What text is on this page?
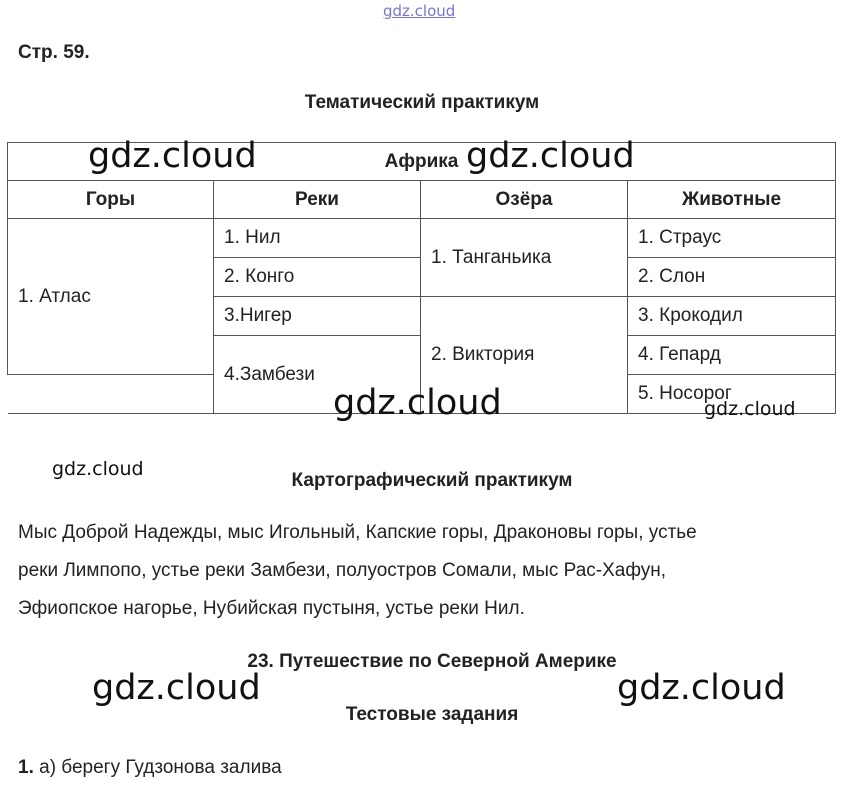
gdz.cloud
Стр. 59.
Тематический практикум
Африка			
Горы	Реки	Озёра	Животные
1. Атлас	1. Нил	1. Танганьика	1. Страус
	2. Конго		2. Слон
	3.Нигер	2. Виктория	3. Крокодил
	4.Замбези		4. Гепард
			5. Носорог
gdz.cloud	gdz.cloud
gdz.cloud	gdz.cloud
gdz.cloud
Картографический практикум
Мыс Доброй Надежды, мыс Игольный, Капские горы, Драконовы горы, устье
реки Лимпопо, устье реки Замбези, полуостров Сомали, мыс Рас-Хафун,
Эфиопское нагорье, Нубийская пустыня, устье реки Нил.
23. Путешествие по Северной Америке
gdz.cloud	gdz.cloud
Тестовые задания
1. а) берегу Гудзонова залива
